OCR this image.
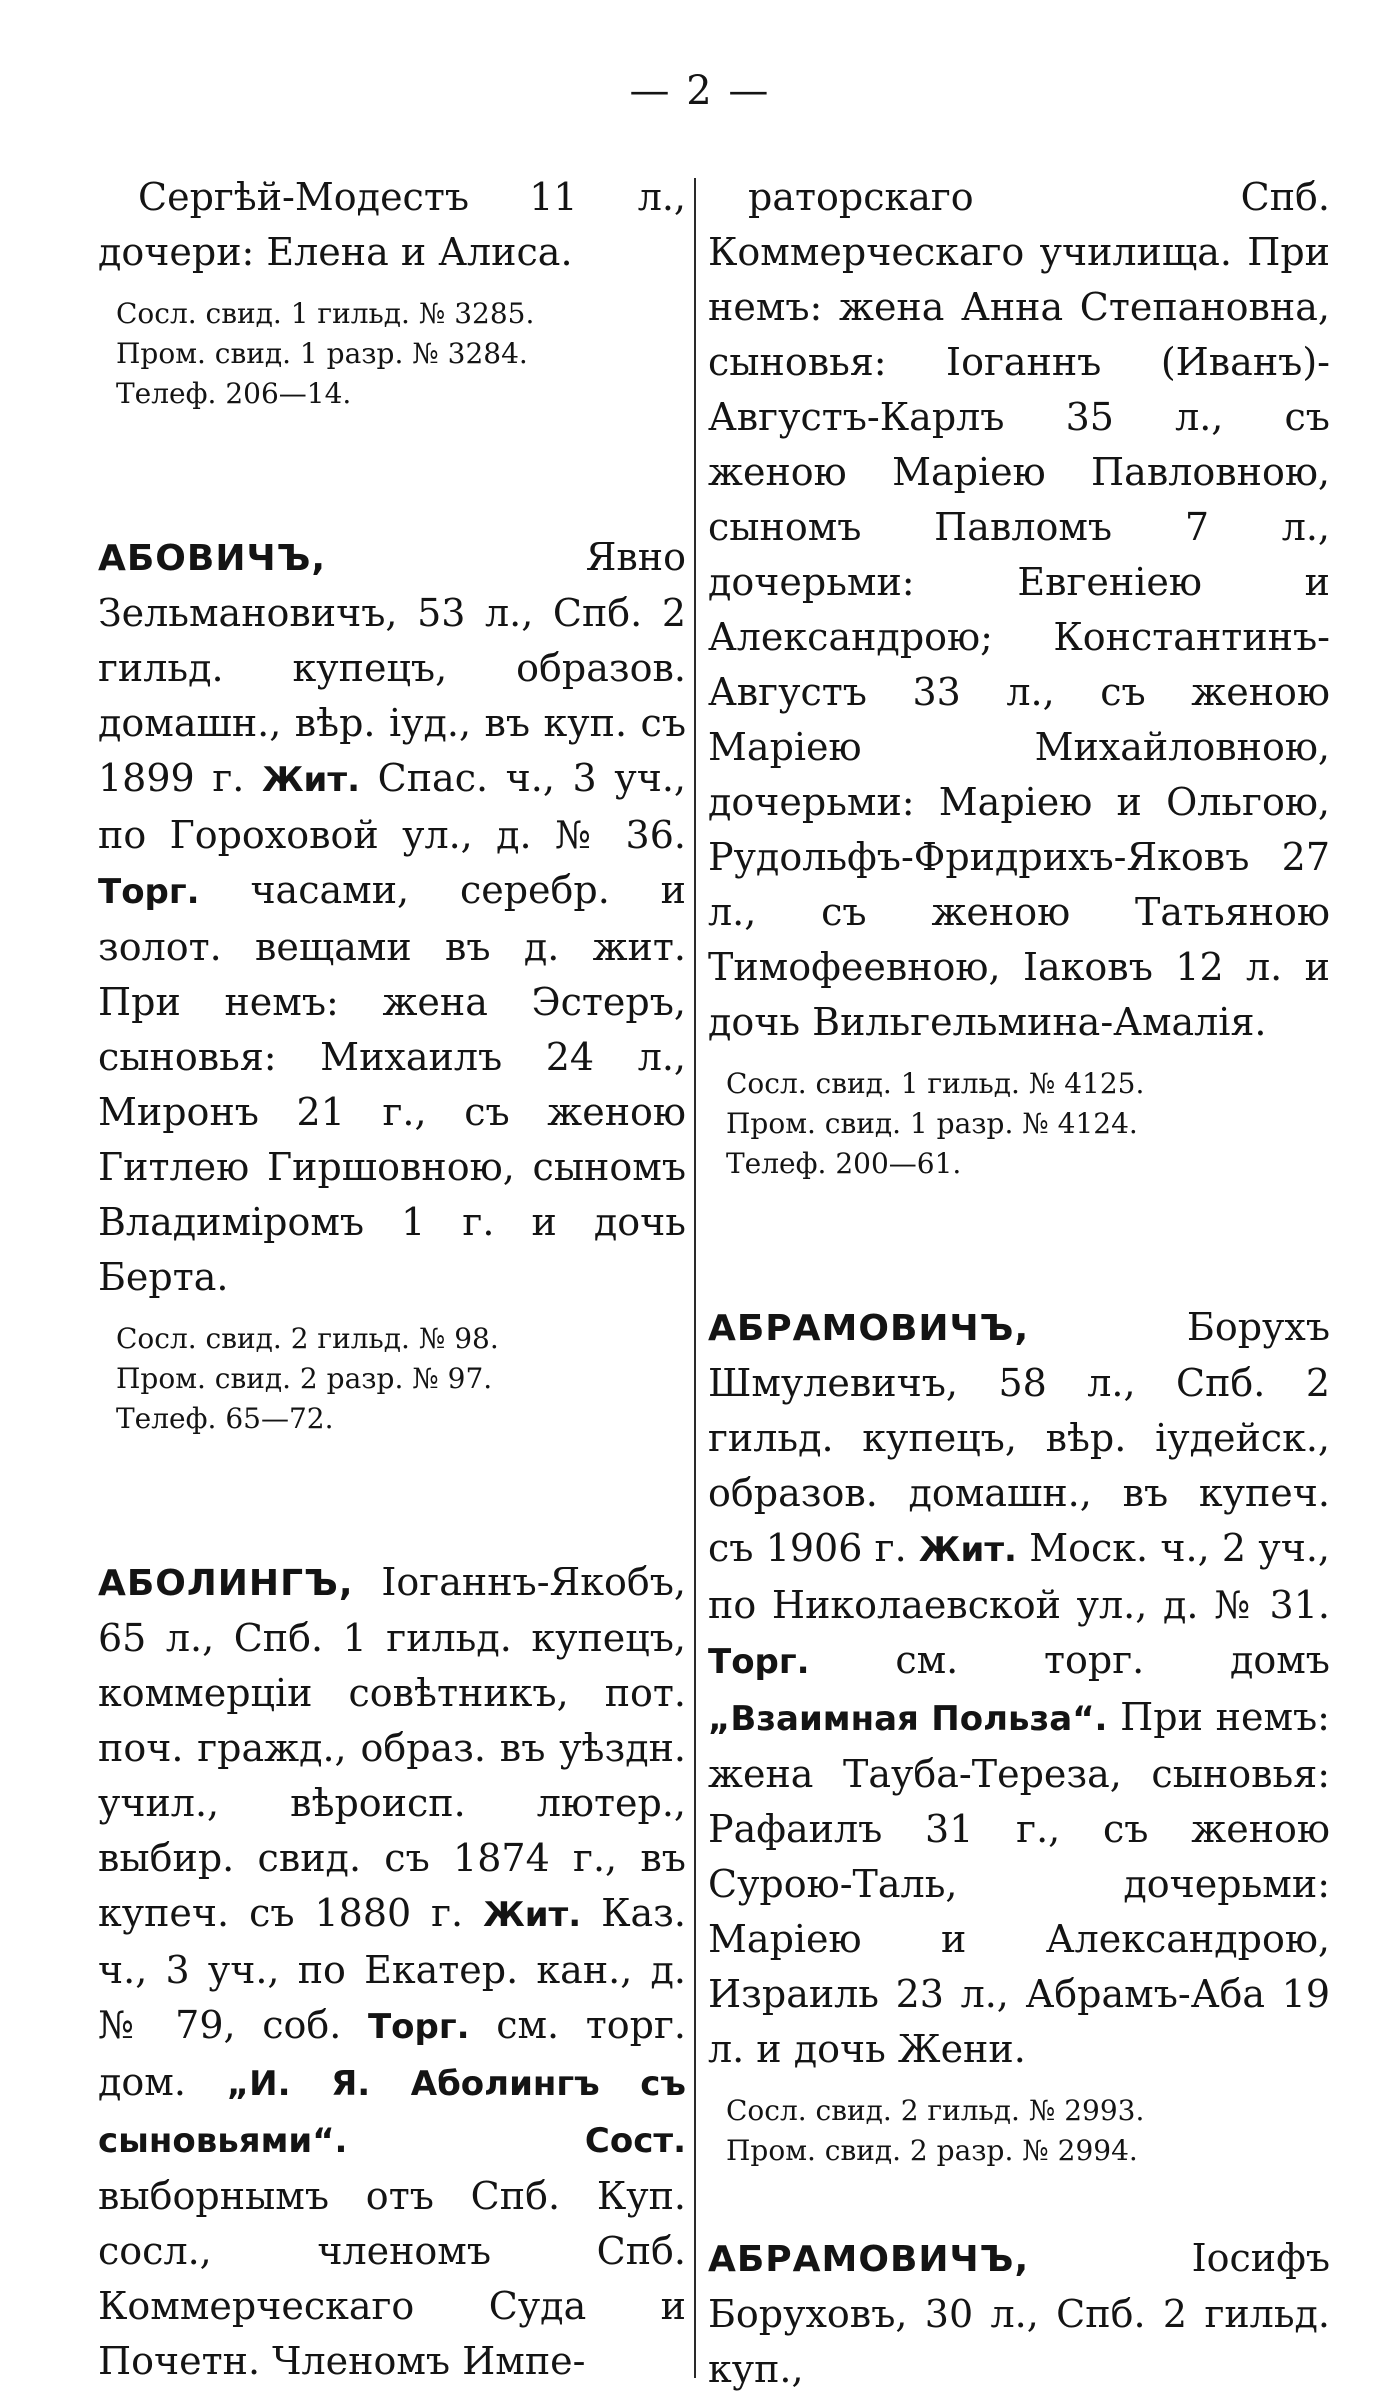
— 2 —

Сергѣй-Модестъ 11 л., дочери: Елена и Алиса.

Сосл. свид. 1 гильд. № 3285.

Пром. свид. 1 разр. № 3284.

Телеф. 206—14.

АБОВИЧЪ,	Явно Зельмановичъ, 53 л., Спб. 2 гильд. купецъ, образов. домашн., вѣр. iуд., въ куп. съ 1899 г. Жит. Спас. ч., 3 уч., по Гороховой ул., д. № 36. Торг. часами, серебр. и золот. вещами въ д. жит. При немъ: жена Эстеръ, сыновья: Михаилъ 24 л., Миронъ 21 г., съ женою Гитлею Гиршовною, сыномъ Владимiромъ 1 г. и дочь Берта.

Сосл. свид. 2 гильд. № 98.

Пром. свид. 2 разр. № 97.

Телеф. 65—72.

АБОЛИНГЪ, Iоганнъ-Якобъ, 65 л., Спб. 1 гильд. купецъ, коммерцiи совѣтникъ, пот. поч. гражд., образ. въ уѣздн. учил., вѣроисп. лютер., выбир. свид. съ 1874 г., въ купеч. съ 1880 г. Жит. Каз. ч., 3 уч., по Екатер. кан., д. № 79, соб. Торг. см. торг. дом. „И. Я. Аболингъ съ сыновьями“.	Сост. выборнымъ отъ Спб. Куп. сосл., членомъ Спб. Коммерческаго Суда и Почетн. Членомъ Импе-

раторскаго Спб. Коммерческаго училища. При немъ: жена Анна Степановна, сыновья: Iоганнъ (Иванъ)-Августъ-Карлъ 35 л., съ женою Марiею Павловною, сыномъ Павломъ 7 л., дочерьми: Евгенiею и Александрою; Константинъ-Августъ 33 л., съ женою Марiею Михайловною, дочерьми: Марiею и Ольгою, Рудольфъ-Фридрихъ-Яковъ 27 л., съ женою Татьяною Тимофеевною, Iаковъ 12 л. и дочь Вильгельмина-Амалiя.

Сосл. свид. 1 гильд. № 4125.

Пром. свид. 1 разр. № 4124.

Телеф. 200—61.

АБРАМОВИЧЪ,	Борухъ Шмулевичъ, 58 л., Спб. 2 гильд. купецъ, вѣр. iудейск., образов. домашн., въ купеч. съ 1906 г. Жит. Моск. ч., 2 уч., по Николаевской ул., д. № 31. Торг. см. торг. домъ „Взаимная Польза“. При немъ: жена Тауба-Тереза, сыновья: Рафаилъ 31 г., съ женою Сурою-Таль, дочерьми: Марiею и Александрою, Израиль 23 л., Абрамъ-Аба 19 л. и дочь Жени.

Сосл. свид. 2 гильд. № 2993.

Пром. свид. 2 разр. № 2994.

АБРАМОВИЧЪ,	Iосифъ Боруховъ, 30 л., Спб. 2 гильд. куп.,
